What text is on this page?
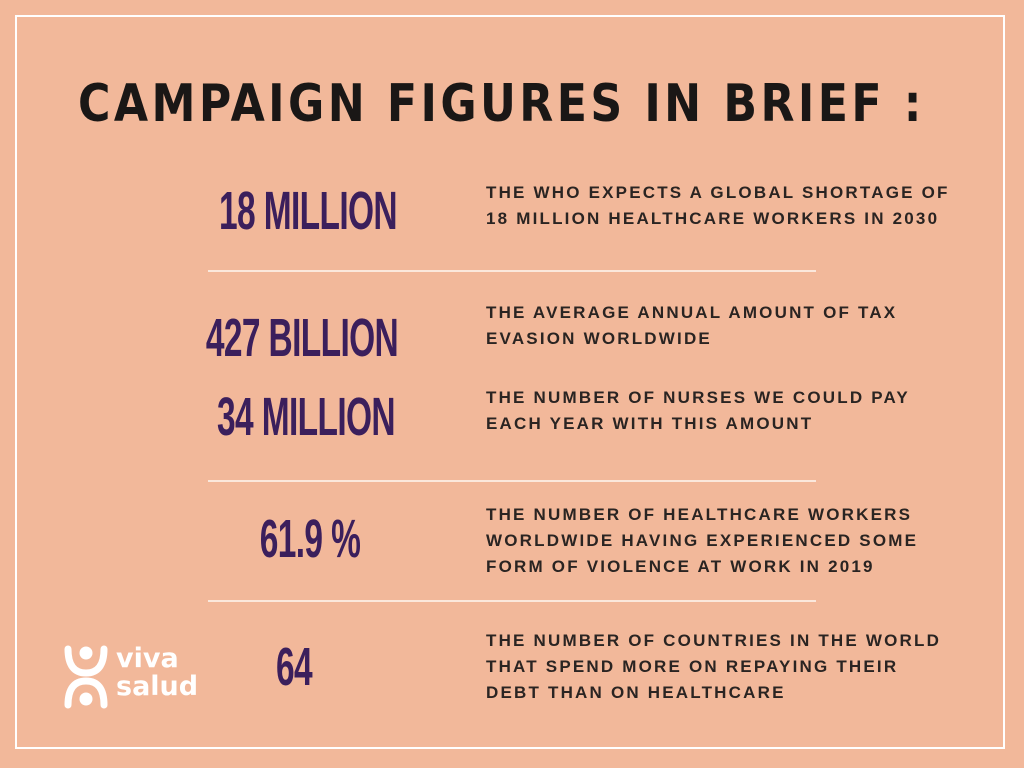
CAMPAIGN FIGURES IN BRIEF :
18 MILLION	THE WHO EXPECTS A GLOBAL SHORTAGE OF 18 MILLION HEALTHCARE WORKERS IN 2030
427 BILLION	THE AVERAGE ANNUAL AMOUNT OF TAX EVASION WORLDWIDE
34 MILLION	THE NUMBER OF NURSES WE COULD PAY EACH YEAR WITH THIS AMOUNT
61.9 %	THE NUMBER OF HEALTHCARE WORKERS WORLDWIDE HAVING EXPERIENCED SOME FORM OF VIOLENCE AT WORK IN 2019
64	THE NUMBER OF COUNTRIES IN THE WORLD THAT SPEND MORE ON REPAYING THEIR DEBT THAN ON HEALTHCARE
viva
salud
